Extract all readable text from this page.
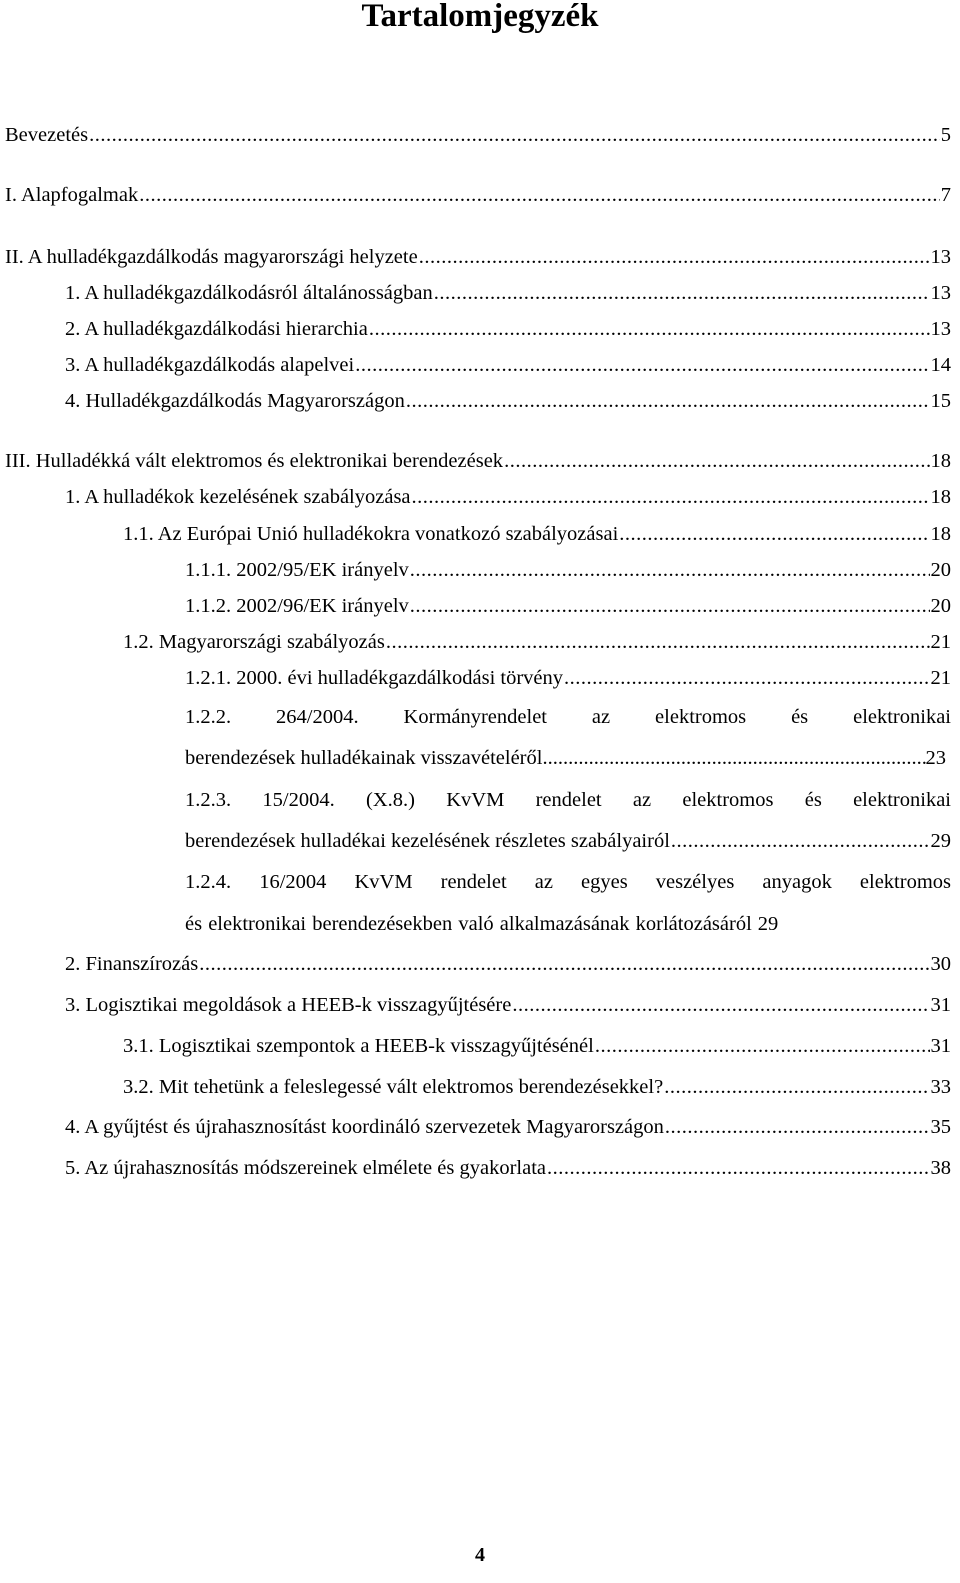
Tartalomjegyzék
Bevezetés .....	5
I. Alapfogalmak .....	7
II. A hulladékgazdálkodás magyarországi helyzete .....	13
1. A hulladékgazdálkodásról általánosságban .....	13
2. A hulladékgazdálkodási hierarchia .....	13
3. A hulladékgazdálkodás alapelvei .....	14
4. Hulladékgazdálkodás Magyarországon .....	15
III. Hulladékká vált elektromos és elektronikai berendezések .....	18
1. A hulladékok kezelésének szabályozása .....	18
1.1. Az Európai Unió hulladékokra vonatkozó szabályozásai .....	18
1.1.1. 2002/95/EK irányelv .....	20
1.1.2. 2002/96/EK irányelv .....	20
1.2. Magyarországi szabályozás .....	21
1.2.1. 2000. évi hulladékgazdálkodási törvény .....	21
1.2.2. 264/2004. Kormányrendelet az elektromos és elektronikai
berendezések hulladékainak visszavételéről .....	23
1.2.3. 15/2004. (X.8.) KvVM rendelet az elektromos és elektronikai
berendezések hulladékai kezelésének részletes szabályairól .....	29
1.2.4. 16/2004 KvVM rendelet az egyes veszélyes anyagok elektromos
és elektronikai berendezésekben való alkalmazásának korlátozásáról 29
2. Finanszírozás .....	30
3. Logisztikai megoldások a HEEB-k visszagyűjtésére .....	31
3.1. Logisztikai szempontok a HEEB-k visszagyűjtésénél .....	31
3.2. Mit tehetünk a feleslegessé vált elektromos berendezésekkel? .....	33
4. A gyűjtést és újrahasznosítást koordináló szervezetek Magyarországon .....	35
5. Az újrahasznosítás módszereinek elmélete és gyakorlata .....	38
4
